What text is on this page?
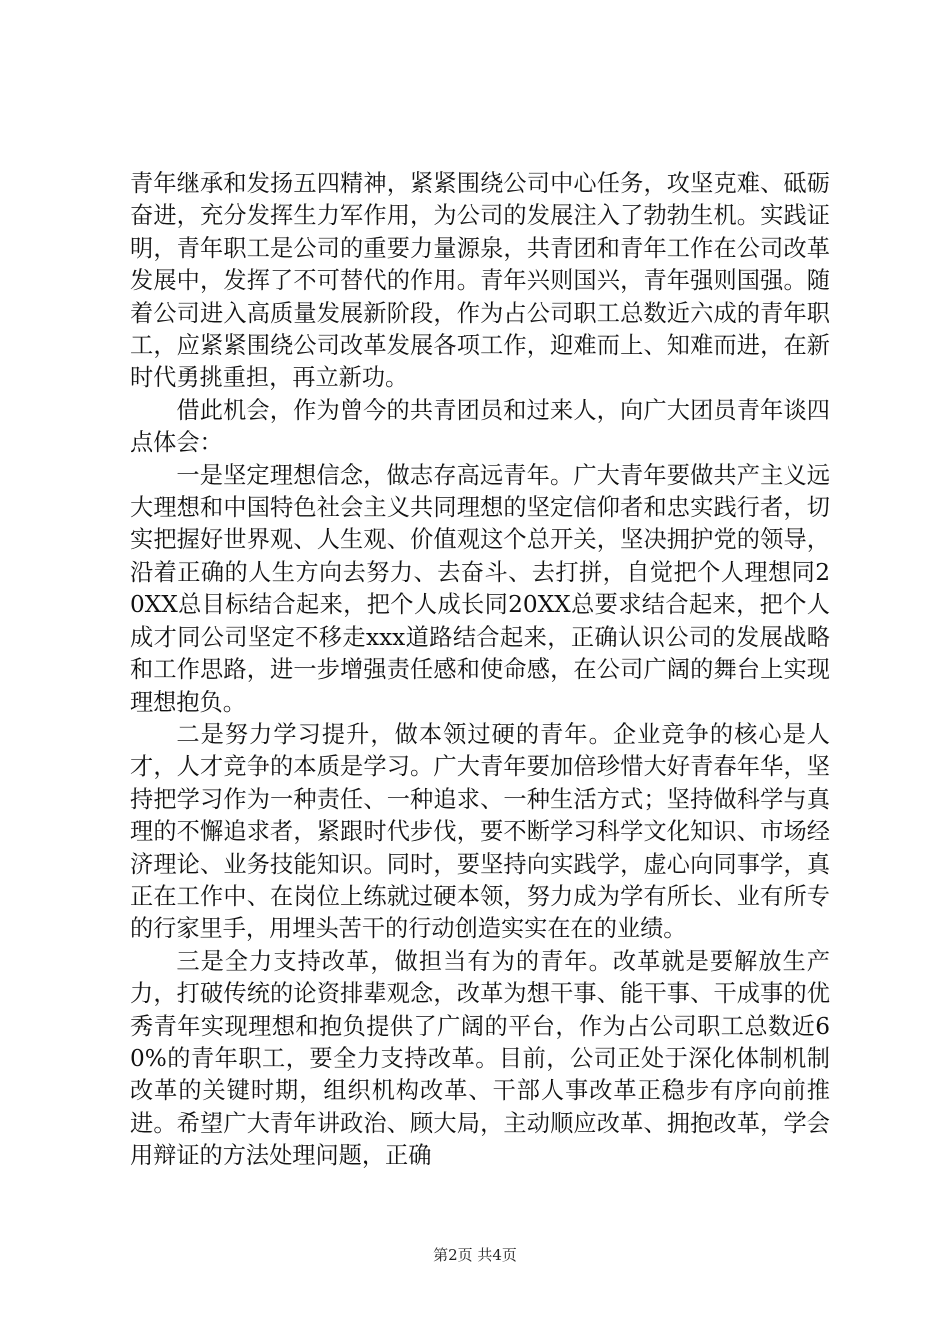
青年继承和发扬五四精神，紧紧围绕公司中心任务，攻坚克难、砥砺奋进，充分发挥生力军作用，为公司的发展注入了勃勃生机。实践证明，青年职工是公司的重要力量源泉，共青团和青年工作在公司改革发展中，发挥了不可替代的作用。青年兴则国兴，青年强则国强。随着公司进入高质量发展新阶段，作为占公司职工总数近六成的青年职工，应紧紧围绕公司改革发展各项工作，迎难而上、知难而进，在新时代勇挑重担，再立新功。

借此机会，作为曾今的共青团员和过来人，向广大团员青年谈四点体会：

一是坚定理想信念，做志存高远青年。广大青年要做共产主义远大理想和中国特色社会主义共同理想的坚定信仰者和忠实践行者，切实把握好世界观、人生观、价值观这个总开关，坚决拥护党的领导，沿着正确的人生方向去努力、去奋斗、去打拼，自觉把个人理想同20XX总目标结合起来，把个人成长同20XX总要求结合起来，把个人成才同公司坚定不移走xxx道路结合起来，正确认识公司的发展战略和工作思路，进一步增强责任感和使命感，在公司广阔的舞台上实现理想抱负。

二是努力学习提升，做本领过硬的青年。企业竞争的核心是人才，人才竞争的本质是学习。广大青年要加倍珍惜大好青春年华，坚持把学习作为一种责任、一种追求、一种生活方式；坚持做科学与真理的不懈追求者，紧跟时代步伐，要不断学习科学文化知识、市场经济理论、业务技能知识。同时，要坚持向实践学，虚心向同事学，真正在工作中、在岗位上练就过硬本领，努力成为学有所长、业有所专的行家里手，用埋头苦干的行动创造实实在在的业绩。

三是全力支持改革，做担当有为的青年。改革就是要解放生产力，打破传统的论资排辈观念，改革为想干事、能干事、干成事的优秀青年实现理想和抱负提供了广阔的平台，作为占公司职工总数近60%的青年职工，要全力支持改革。目前，公司正处于深化体制机制改革的关键时期，组织机构改革、干部人事改革正稳步有序向前推进。希望广大青年讲政治、顾大局，主动顺应改革、拥抱改革，学会用辩证的方法处理问题，正确

第2页 共4页
